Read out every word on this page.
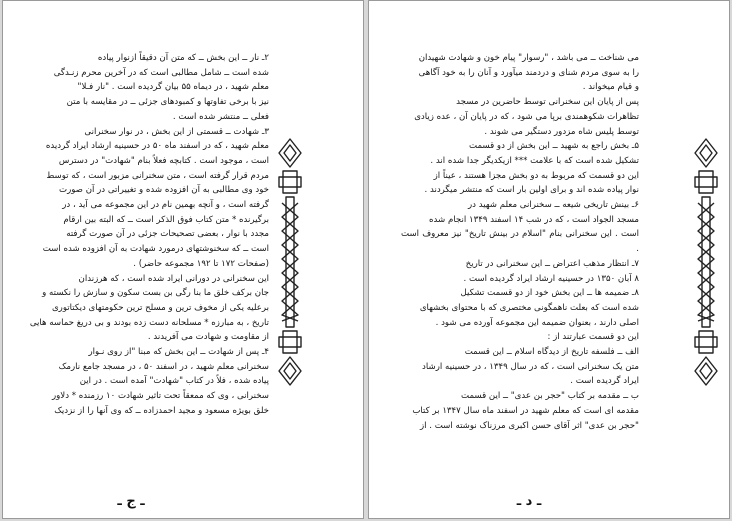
۲ـ نار ــ این بخش ــ که متن آن دقیقاً ازنوار پیاده

شده است ــ شامل مطالبی است که در آخرین محرم زنـدگی

معلم شهید ، در دیماه ۵۵ بیان گردیده است . "نار فـلا"

نیز با برخی تفاوتها و کمبودهای جزئی ــ در مقایسه با متن

فعلی ــ منتشر شده است .

۳ـ شهادت ــ قسمتی از این بخش ، در نوار سخنرانی

معلم شهید ، که در اسفند ماه ۵۰ در حسینیه ارشاد ایراد گردیده

است ، موجود است . کتابچه فعلاً بنام "شهادت" در دسترس

مردم قرار گرفته است ، متن سخنرانی مزبور است ، که توسط

خود وی مطالبی به آن افزوده شده و تغییراتی در آن صورت

گرفته است ، و آنچه بهمین نام در این مجموعه می آید ، در

برگیرنده * متن کتاب فوق الذکر است ــ که البته بین ارقام

مجدد با نوار ، بعضی تصحیحات جزئی در آن صورت گرفته

است ــ که سخنوشتهای درمورد شهادت به آن افزوده شده است

(صفحات ۱۷۲ تا ۱۹۲ مجموعه حاضر) .

این سخنرانی در دورانی ایراد شده است ، که هرزندان

جان برکف خلق ما بنا رگی بن بست سکون و سازش را نکسته و

برعلیه یکی از مخوف ترین و مسلح ترین حکومتهای دیکتاتوری

تاریخ ، به مبارزه * مسلحانه دست زده بودند و بی دریغ حماسه هایی

از مقاومت و شهادت می آفریدند .

۴ـ پس از شهادت ــ این بخش که مبنا "از روی نـوار

سخنرانی معلم شهید ، در اسفند ۵۰ ، در مسجد جامع نارمک

پیاده شده ، فلاً در کتاب "شهادت" آمده است . در این

سخنرانی ، وی که ممعقاً تحت تاثیر شهادت ۱۰ رزمنده * دلاور

خلق بویژه مسعود و مجید احمدزاده ــ که وی آنها را از نزدیک

ـ ج ـ

می شناخت ــ می باشد ، "رسوار" پیام خون و شهادت شهیدان

را به سوی مردم شنای و دردمند میآورد و آنان را به خود آگاهی

و قیام میخواند .

پس از پایان این سخنرانی توسط حاضرین در مسجد

تظاهرات شکوهمندی برپا می شود ، که در پایان آن ، عده زیادی

توسط پلیس شاه مزدور دستگیر می شوند .

۵ـ بخش راجع به شهید ــ این بخش از دو قسمت

تشکیل شده است که با علامت *** ازیکدیگر جدا شده اند .

این دو قسمت که مربوط به دو بخش مجزا هستند ، عیناً از

نوار پیاده شده اند و برای اولین بار است که منتشر میگردند .

۶ـ بینش تاریخی شیعه ــ سخنرانی معلم شهید در

مسجد الجواد است ، که در شب ۱۴ اسفند ۱۳۴۹ انجام شده

است . این سخنرانی بنام "اسلام در بینش تاریخ" نیز معروف است .

۷ـ انتظار مذهب اعتراض ــ این سخنرانی در تاریخ

۸ آبان ۱۳۵۰ در حسینیه ارشاد ایراد گردیده است .

۸ـ ضمیمه ها ــ این بخش خود از دو قسمت تشکیل

شده است که بعلت ناهمگونی مختصری که با محتوای بخشهای

اصلی دارند ، بعنوان ضمیمه این مجموعه آورده می شود .

این دو قسمت عبارتند از :

الف ــ فلسفه تاریخ از دیدگاه اسلام ــ این قسمت

متن یک سخنرانی است ، که در سال ۱۳۴۹ ، در حسینیه ارشاد

ایراد گردیده است .

ب ــ مقدمه بر کتاب "حجر بن عدی" ــ این قسمت

مقدمه ای است که معلم شهید در اسفند ماه سال ۱۳۴۷ بر کتاب

"حجر بن عدی" اثر آقای حسن اکبری مرزناک نوشته است . از

ـ د ـ
